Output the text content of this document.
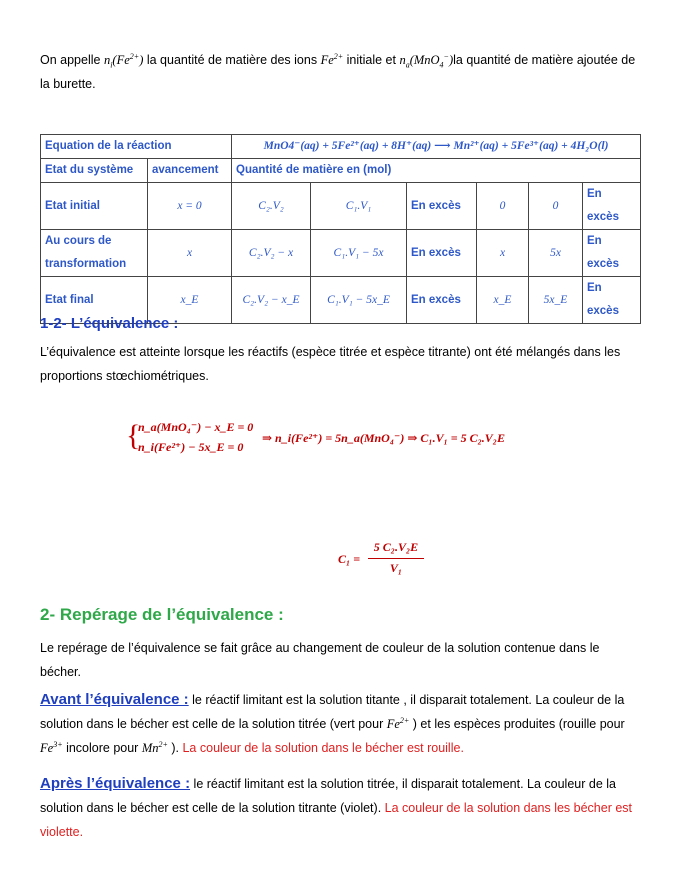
On appelle $n_i(Fe^{2+})$ la quantité de matière des ions $Fe^{2+}$ initiale et $n_a(MnO_4^-)la$ quantité de matière ajoutée de la burette.

Equation de la réaction		MnO4⁻(aq) + 5Fe²⁺(aq) + 8H⁺(aq) ⟶ Mn²⁺(aq) + 5Fe³⁺(aq) + 4H₂O(l)					
Etat du système	avancement	Quantité de matière en (mol)					
Etat initial	x = 0	C₂.V₂	C₁.V₁	En excès	0	0	En excès
Au cours de transformation	x	C₂.V₂ − x	C₁.V₁ − 5x	En excès	x	5x	En excès
Etat final	x_E	C₂.V₂ − x_E	C₁.V₁ − 5x_E	En excès	x_E	5x_E	En excès
1-2- L’équivalence :

L’équivalence est atteinte lorsque les réactifs (espèce titrée et espèce titrante) ont été mélangés dans les proportions stœchiométriques.

{
n_a(MnO₄⁻) − x_E = 0
n_i(Fe²⁺) − 5x_E = 0
⇒ n_i(Fe²⁺) = 5n_a(MnO₄⁻) ⇒ C₁.V₁ = 5 C₂.V₂E
C₁ =
5 C₂.V₂E
V₁
2- Repérage de l’équivalence :

Le repérage de l’équivalence se fait grâce au changement de couleur de la solution contenue dans le bécher.

Avant l’équivalence : le réactif limitant est la solution titante , il disparait totalement. La couleur de la solution dans le bécher est celle de la solution titrée (vert pour $Fe^{2+}$ ) et les espèces produites (rouille pour $Fe^{3+}$ incolore pour $Mn^{2+}$ ). La couleur de la solution dans le bécher est rouille.

Après l’équivalence : le réactif limitant est la solution titrée, il disparait totalement. La couleur de la solution dans le bécher est celle de la solution titrante (violet). La couleur de la solution dans les bécher est violette.
